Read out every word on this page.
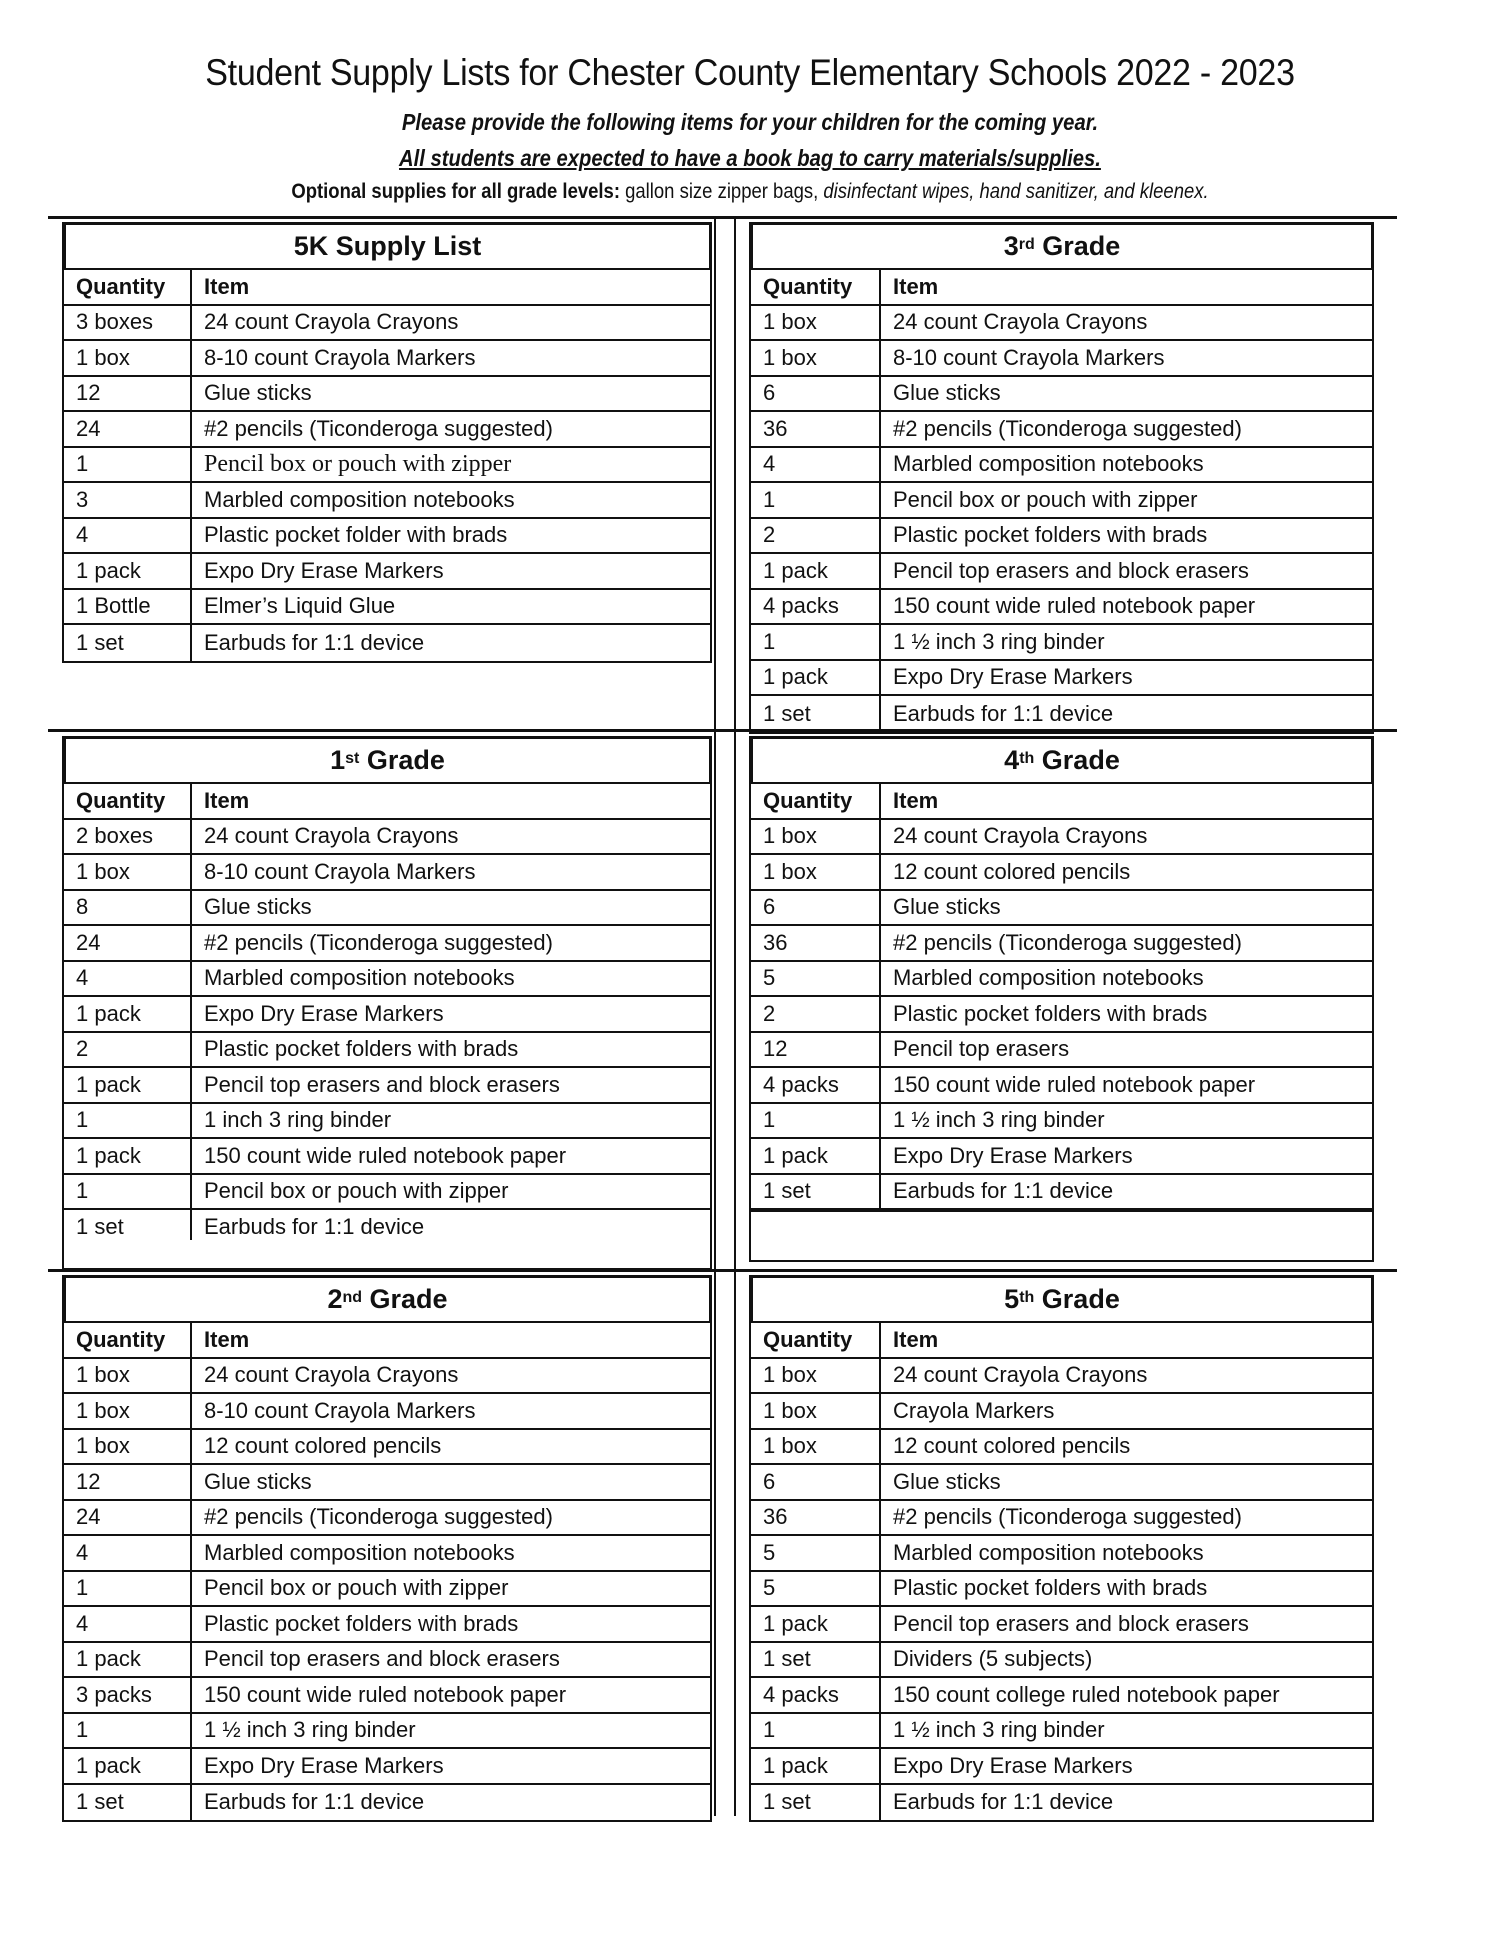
Student Supply Lists for Chester County Elementary Schools 2022 - 2023
Please provide the following items for your children for the coming year.
All students are expected to have a book bag to carry materials/supplies.
Optional supplies for all grade levels: gallon size zipper bags, disinfectant wipes, hand sanitizer, and kleenex.
5K Supply List
Quantity	Item
3 boxes	24 count Crayola Crayons
1 box	8-10 count Crayola Markers
12	Glue sticks
24	#2 pencils (Ticonderoga suggested)
1	Pencil box or pouch with zipper
3	Marbled composition notebooks
4	Plastic pocket folder with brads
1 pack	Expo Dry Erase Markers
1 Bottle	Elmer’s Liquid Glue
1 set	Earbuds for 1:1 device
3rd Grade
Quantity	Item
1 box	24 count Crayola Crayons
1 box	8-10 count Crayola Markers
6	Glue sticks
36	#2 pencils (Ticonderoga suggested)
4	Marbled composition notebooks
1	Pencil box or pouch with zipper
2	Plastic pocket folders with brads
1 pack	Pencil top erasers and block erasers
4 packs	150 count wide ruled notebook paper
1	1 ½ inch 3 ring binder
1 pack	Expo Dry Erase Markers
1 set	Earbuds for 1:1 device
1st Grade
Quantity	Item
2 boxes	24 count Crayola Crayons
1 box	8-10 count Crayola Markers
8	Glue sticks
24	#2 pencils (Ticonderoga suggested)
4	Marbled composition notebooks
1 pack	Expo Dry Erase Markers
2	Plastic pocket folders with brads
1 pack	Pencil top erasers and block erasers
1	1 inch 3 ring binder
1 pack	150 count wide ruled notebook paper
1	Pencil box or pouch with zipper
1 set	Earbuds for 1:1 device
4th Grade
Quantity	Item
1 box	24 count Crayola Crayons
1 box	12 count colored pencils
6	Glue sticks
36	#2 pencils (Ticonderoga suggested)
5	Marbled composition notebooks
2	Plastic pocket folders with brads
12	Pencil top erasers
4 packs	150 count wide ruled notebook paper
1	1 ½ inch 3 ring binder
1 pack	Expo Dry Erase Markers
1 set	Earbuds for 1:1 device
2nd Grade
Quantity	Item
1 box	24 count Crayola Crayons
1 box	8-10 count Crayola Markers
1 box	12 count colored pencils
12	Glue sticks
24	#2 pencils (Ticonderoga suggested)
4	Marbled composition notebooks
1	Pencil box or pouch with zipper
4	Plastic pocket folders with brads
1 pack	Pencil top erasers and block erasers
3 packs	150 count wide ruled notebook paper
1	1 ½ inch 3 ring binder
1 pack	Expo Dry Erase Markers
1 set	Earbuds for 1:1 device
5th Grade
Quantity	Item
1 box	24 count Crayola Crayons
1 box	Crayola Markers
1 box	12 count colored pencils
6	Glue sticks
36	#2 pencils (Ticonderoga suggested)
5	Marbled composition notebooks
5	Plastic pocket folders with brads
1 pack	Pencil top erasers and block erasers
1 set	Dividers (5 subjects)
4 packs	150 count college ruled notebook paper
1	1 ½ inch 3 ring binder
1 pack	Expo Dry Erase Markers
1 set	Earbuds for 1:1 device
